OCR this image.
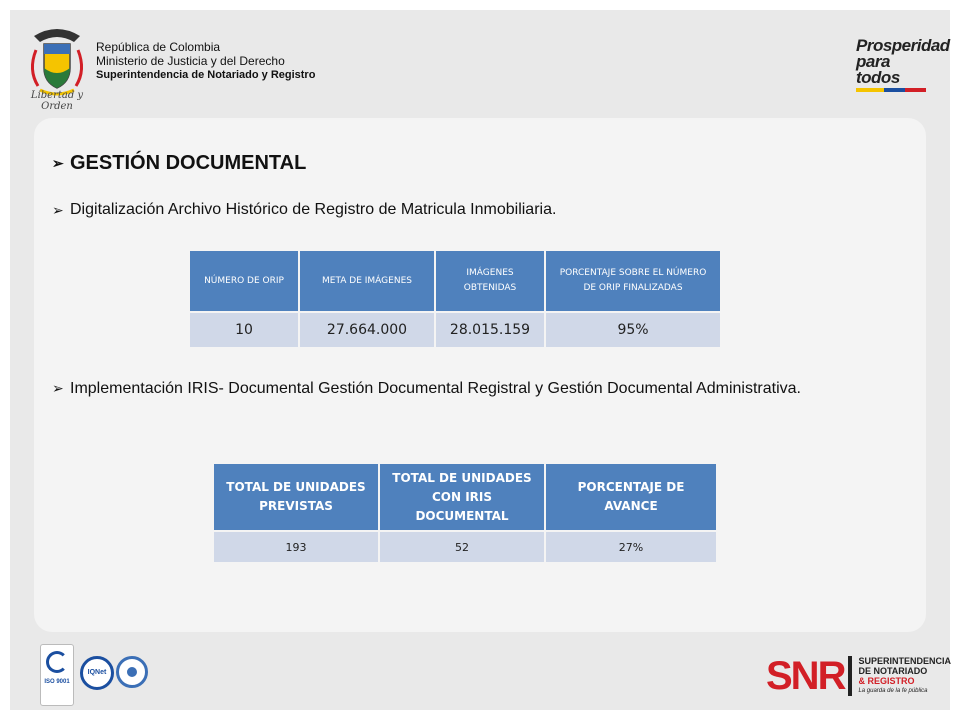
Libertad y Orden
República de Colombia
Ministerio de Justicia y del Derecho
Superintendencia de Notariado y Registro
Prosperidad
para todos
➢ GESTIÓN DOCUMENTAL
➢ Digitalización Archivo Histórico de Registro de Matricula Inmobiliaria.
NÚMERO DE ORIP	META DE IMÁGENES	IMÁGENES OBTENIDAS	PORCENTAJE SOBRE EL NÚMERO DE ORIP FINALIZADAS
10	27.664.000	28.015.159	95%
➢ Implementación IRIS- Documental Gestión Documental Registral y Gestión Documental Administrativa.
TOTAL DE UNIDADES PREVISTAS	TOTAL DE UNIDADES CON IRIS DOCUMENTAL	PORCENTAJE DE AVANCE
193	52	27%
ISO 9001
IQNet	SNR SUPERINTENDENCIA
DE NOTARIADO
& REGISTRO
La guarda de la fe pública
